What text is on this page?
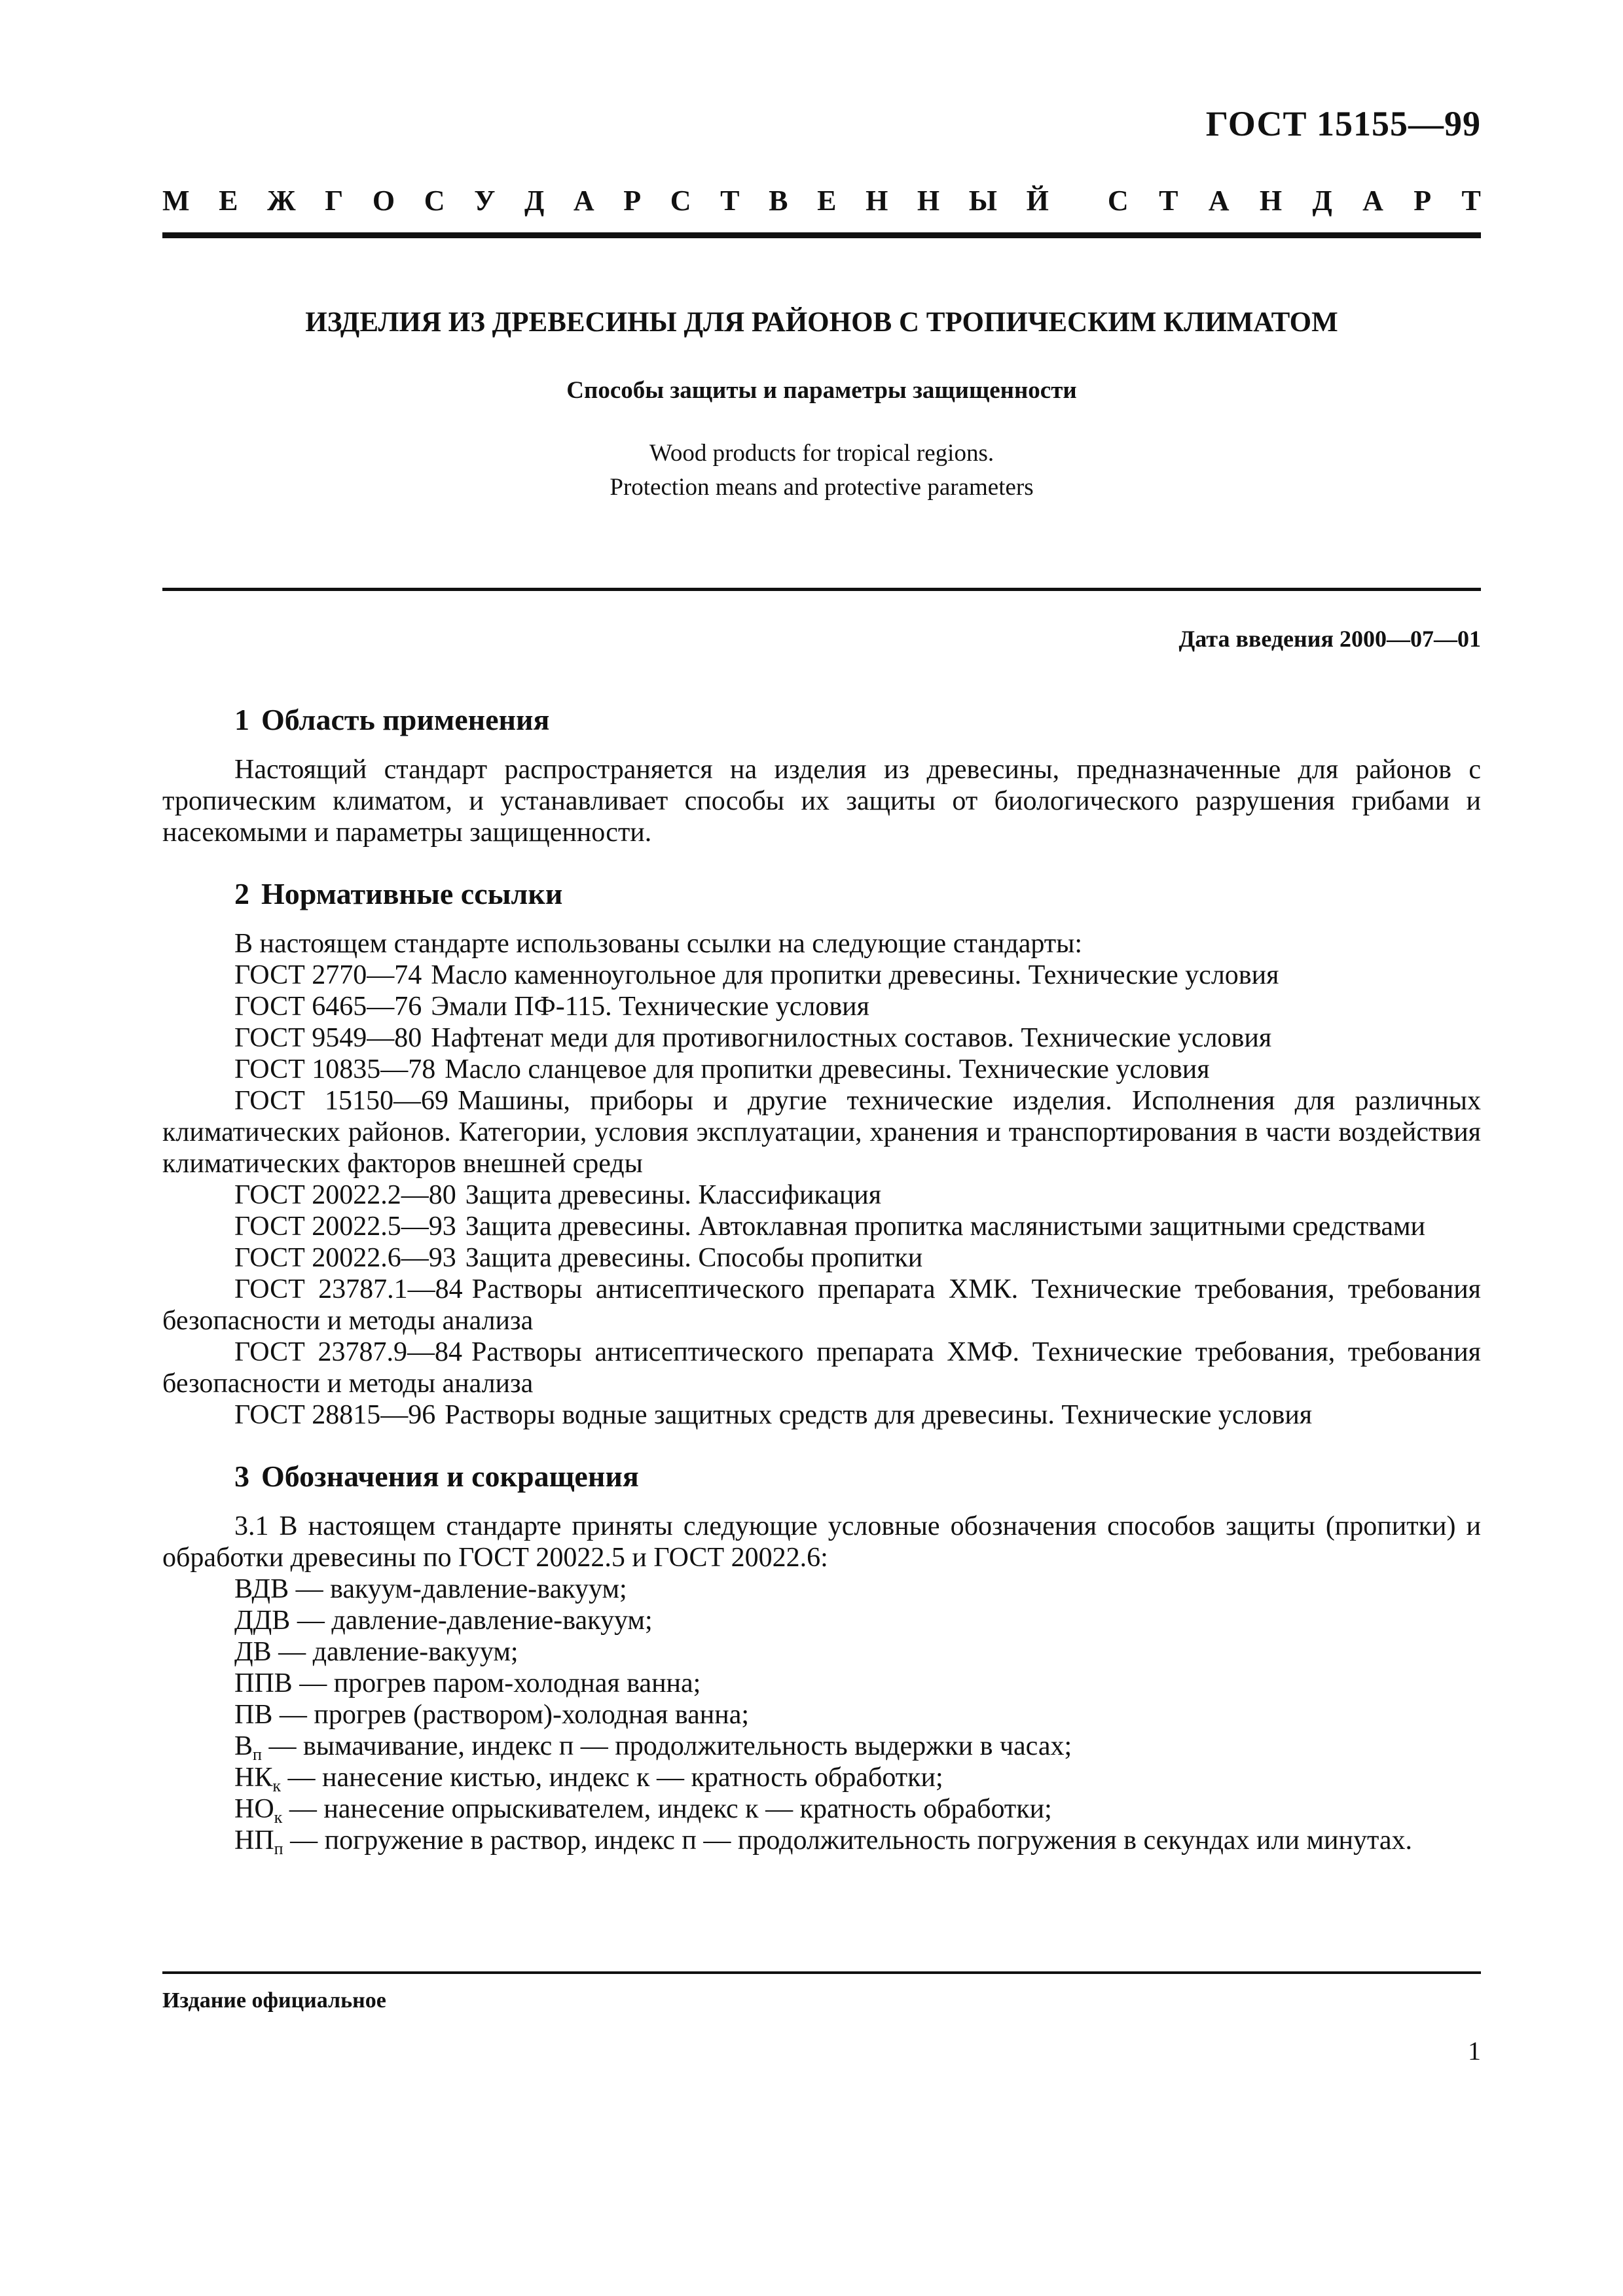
ГОСТ 15155—99
М Е Ж Г О С У Д А Р С Т В Е Н Н Ы Й С Т А Н Д А Р Т
ИЗДЕЛИЯ ИЗ ДРЕВЕСИНЫ ДЛЯ РАЙОНОВ С ТРОПИЧЕСКИМ КЛИМАТОМ
Способы защиты и параметры защищенности
Wood products for tropical regions.
Protection means and protective parameters
Дата введения 2000—07—01
1 Область применения

Настоящий стандарт распространяется на изделия из древесины, предназначенные для районов с тропическим климатом, и устанавливает способы их защиты от биологического разрушения грибами и насекомыми и параметры защищенности.

2 Нормативные ссылки
В настоящем стандарте использованы ссылки на следующие стандарты:

ГОСТ 2770—74 Масло каменноугольное для пропитки древесины. Технические условия

ГОСТ 6465—76 Эмали ПФ-115. Технические условия

ГОСТ 9549—80 Нафтенат меди для противогнилостных составов. Технические условия

ГОСТ 10835—78 Масло сланцевое для пропитки древесины. Технические условия

ГОСТ 15150—69 Машины, приборы и другие технические изделия. Исполнения для различных климатических районов. Категории, условия эксплуатации, хранения и транспортирования в части воздействия климатических факторов внешней среды

ГОСТ 20022.2—80 Защита древесины. Классификация

ГОСТ 20022.5—93 Защита древесины. Автоклавная пропитка маслянистыми защитными средствами

ГОСТ 20022.6—93 Защита древесины. Способы пропитки

ГОСТ 23787.1—84 Растворы антисептического препарата ХМК. Технические требования, требования безопасности и методы анализа

ГОСТ 23787.9—84 Растворы антисептического препарата ХМФ. Технические требования, требования безопасности и методы анализа

ГОСТ 28815—96 Растворы водные защитных средств для древесины. Технические условия

3 Обозначения и сокращения

3.1 В настоящем стандарте приняты следующие условные обозначения способов защиты (пропитки) и обработки древесины по ГОСТ 20022.5 и ГОСТ 20022.6:

ВДВ — вакуум-давление-вакуум;

ДДВ — давление-давление-вакуум;

ДВ — давление-вакуум;

ППВ — прогрев паром-холодная ванна;

ПВ — прогрев (раствором)-холодная ванна;

$В_п$ — вымачивание, индекс п — продолжительность выдержки в часах;

$НК_к$ — нанесение кистью, индекс к — кратность обработки;

$НО_к$ — нанесение опрыскивателем, индекс к — кратность обработки;

$НП_п$ — погружение в раствор, индекс п — продолжительность погружения в секундах или минутах.

Издание официальное
1
